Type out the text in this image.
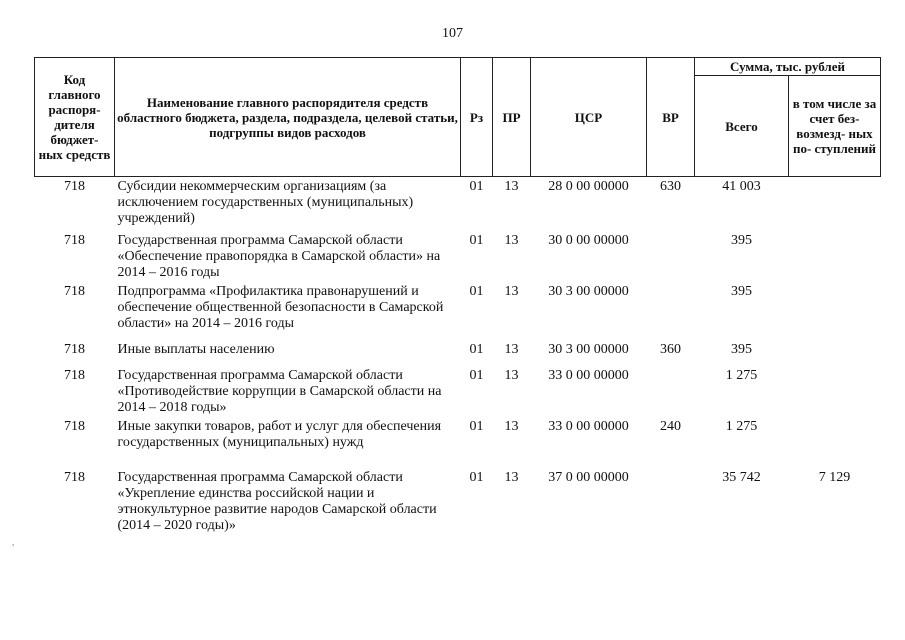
107
Код главного распоря- дителя бюджет- ных средств	Наименование главного распорядителя средств областного бюджета, раздела, подраздела, целевой статьи, подгруппы видов расходов	Рз	ПР	ЦСР	ВР	Сумма, тыс. рублей	
						Всего	в том числе за счет без- возмезд- ных по- ступлений
718	Субсидии некоммерческим организациям (за исключением государственных (муниципальных) учреждений)	01	13	28 0 00 00000	630	41 003	
718	Государственная программа Самарской области «Обеспечение правопорядка в Самарской области» на 2014 – 2016 годы	01	13	30 0 00 00000		395	
718	Подпрограмма «Профилактика правонарушений и обеспечение общественной безопасности в Самарской области» на 2014 – 2016 годы	01	13	30 3 00 00000		395	
718	Иные выплаты населению	01	13	30 3 00 00000	360	395	
718	Государственная программа Самарской области «Противодействие коррупции в Самарской области на 2014 – 2018 годы»	01	13	33 0 00 00000		1 275	
718	Иные закупки товаров, работ и услуг для обеспечения государственных (муниципальных) нужд	01	13	33 0 00 00000	240	1 275	
718	Государственная программа Самарской области «Укрепление единства российской нации и этнокультурное развитие народов Самарской области (2014 – 2020 годы)»	01	13	37 0 00 00000		35 742	7 129
,
